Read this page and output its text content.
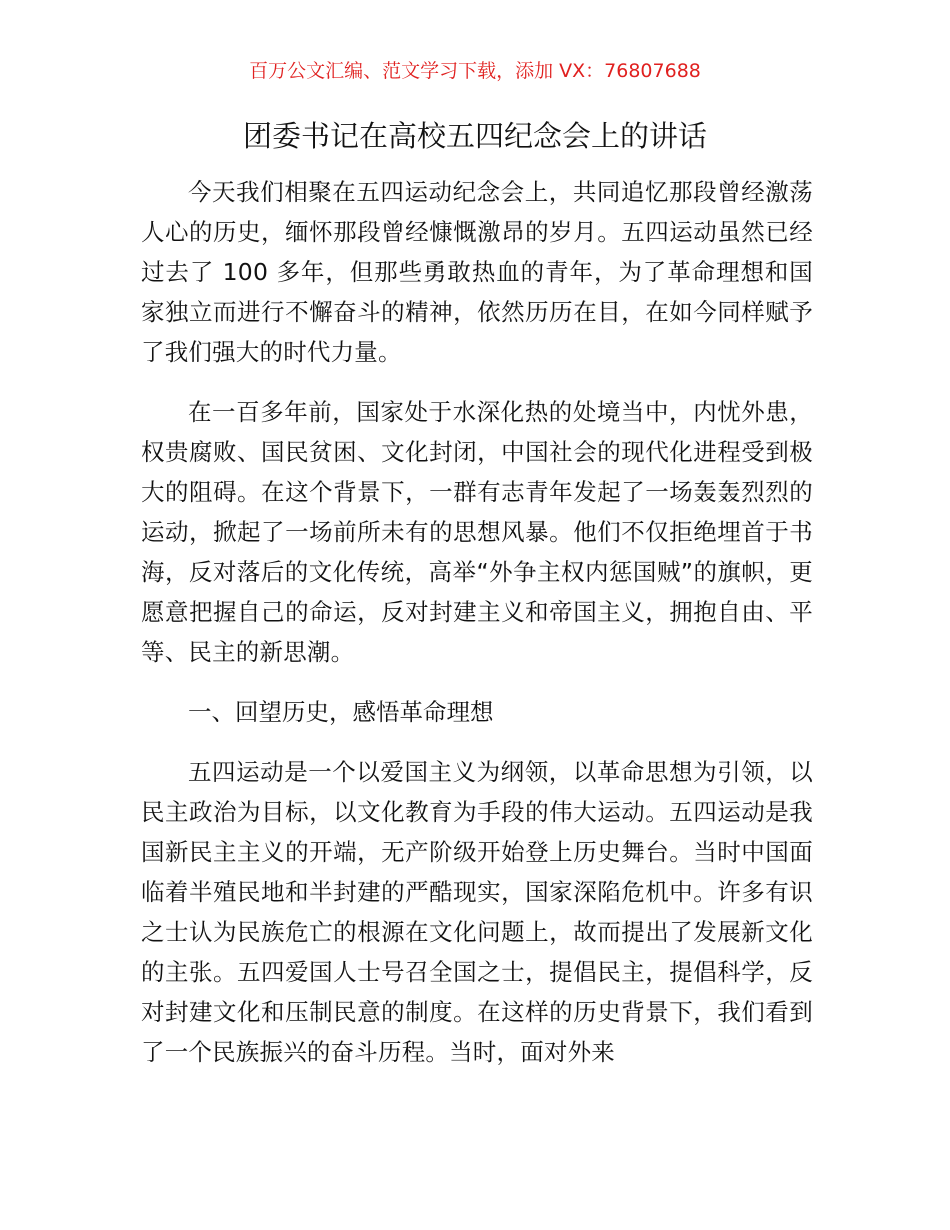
百万公文汇编、范文学习下载，添加 VX：76807688
团委书记在高校五四纪念会上的讲话

今天我们相聚在五四运动纪念会上，共同追忆那段曾经激荡人心的历史，缅怀那段曾经慷慨激昂的岁月。五四运动虽然已经过去了 100 多年，但那些勇敢热血的青年，为了革命理想和国家独立而进行不懈奋斗的精神，依然历历在目，在如今同样赋予了我们强大的时代力量。

在一百多年前，国家处于水深化热的处境当中，内忧外患，权贵腐败、国民贫困、文化封闭，中国社会的现代化进程受到极大的阻碍。在这个背景下，一群有志青年发起了一场轰轰烈烈的运动，掀起了一场前所未有的思想风暴。他们不仅拒绝埋首于书海，反对落后的文化传统，高举“外争主权内惩国贼”的旗帜，更愿意把握自己的命运，反对封建主义和帝国主义，拥抱自由、平等、民主的新思潮。

一、回望历史，感悟革命理想

五四运动是一个以爱国主义为纲领，以革命思想为引领，以民主政治为目标，以文化教育为手段的伟大运动。五四运动是我国新民主主义的开端，无产阶级开始登上历史舞台。当时中国面临着半殖民地和半封建的严酷现实，国家深陷危机中。许多有识之士认为民族危亡的根源在文化问题上，故而提出了发展新文化的主张。五四爱国人士号召全国之士，提倡民主，提倡科学，反对封建文化和压制民意的制度。在这样的历史背景下，我们看到了一个民族振兴的奋斗历程。当时，面对外来
